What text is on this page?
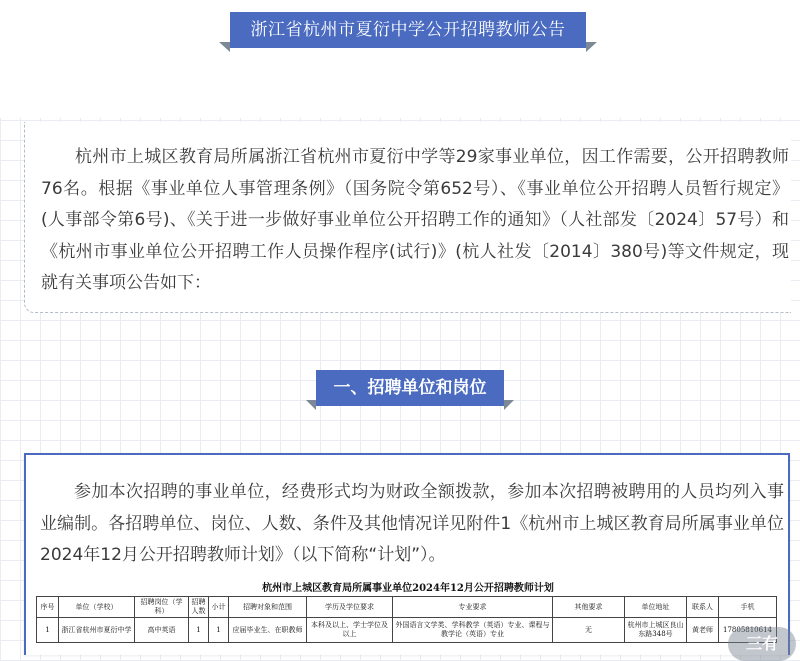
浙江省杭州市夏衍中学公开招聘教师公告

杭州市上城区教育局所属浙江省杭州市夏衍中学等29家事业单位，因工作需要，公开招聘教师76名。根据《事业单位人事管理条例》（国务院令第652号）、《事业单位公开招聘人员暂行规定》(人事部令第6号)、《关于进一步做好事业单位公开招聘工作的通知》（人社部发〔2024〕57号）和《杭州市事业单位公开招聘工作人员操作程序(试行)》(杭人社发〔2014〕380号)等文件规定，现就有关事项公告如下：

一、招聘单位和岗位

参加本次招聘的事业单位，经费形式均为财政全额拨款，参加本次招聘被聘用的人员均列入事业编制。各招聘单位、岗位、人数、条件及其他情况详见附件1《杭州市上城区教育局所属事业单位2024年12月公开招聘教师计划》（以下简称“计划”）。

杭州市上城区教育局所属事业单位2024年12月公开招聘教师计划
序号	单位（学校）	招聘岗位（学科）	招聘人数	小计	招聘对象和范围	学历及学位要求	专业要求	其他要求	单位地址	联系人	手机
1	浙江省杭州市夏衍中学	高中英语	1	1	应届毕业生、在职教师	本科及以上、学士学位及以上	外国语言文学类、学科教学（英语）专业、课程与教学论（英语）专业	无	杭州市上城区良山东路348号	黄老师	17805810614
三有
